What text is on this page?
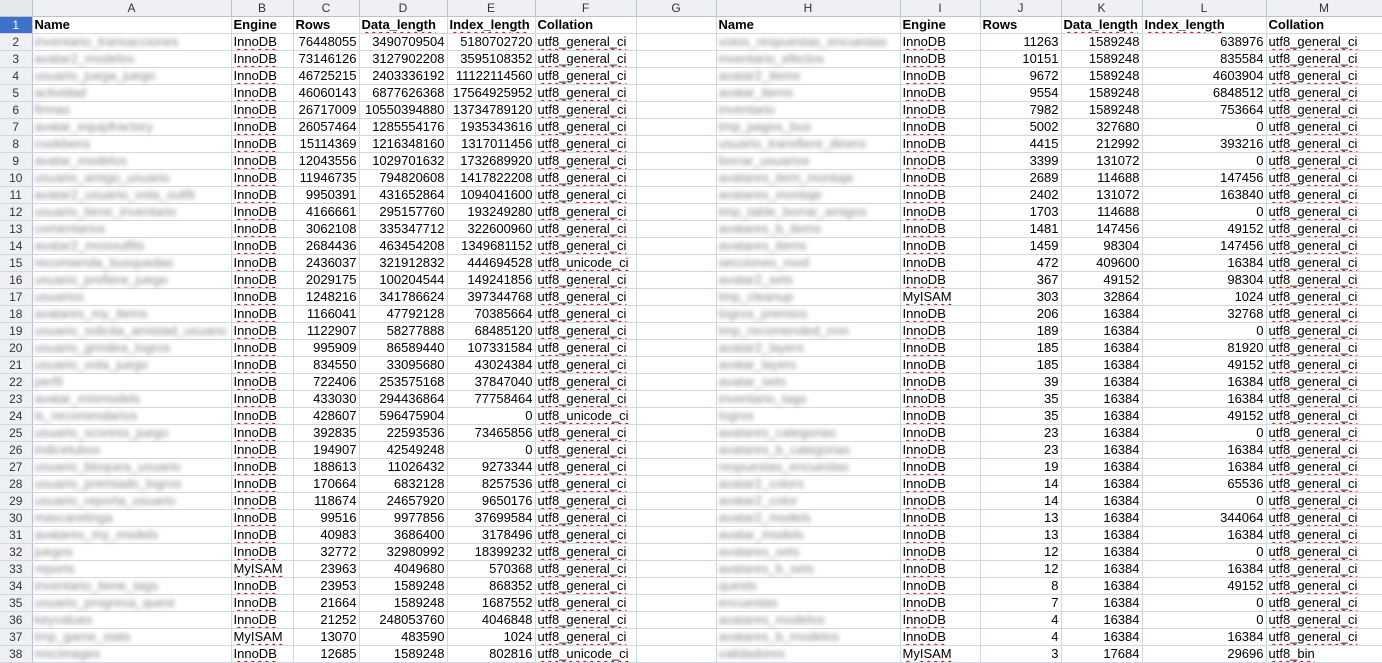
	A	B	C	D	E	F	G	H	I	J	K	L	M
1	Name	Engine	Rows	Data_length	Index_length	Collation		Name	Engine	Rows	Data_length	Index_length	Collation
2	inventario_transacciones	InnoDB	76448055	3490709504	5180702720	utf8_general_ci		votos_respuestas_encuestas	InnoDB	11263	1589248	638976	utf8_general_ci
3	avatar2_modelos	InnoDB	73146126	3127902208	3595108352	utf8_general_ci		inventario_efectos	InnoDB	10151	1589248	835584	utf8_general_ci
4	usuario_juega_juego	InnoDB	46725215	2403336192	11122114560	utf8_general_ci		avatar2_items	InnoDB	9672	1589248	4603904	utf8_general_ci
5	actividad	InnoDB	46060143	6877626368	17564925952	utf8_general_ci		avatar_items	InnoDB	9554	1589248	6848512	utf8_general_ci
6	firmas	InnoDB	26717009	10550394880	13734789120	utf8_general_ci		inventario	InnoDB	7982	1589248	753664	utf8_general_ci
7	avatar_equipfractory	InnoDB	26057464	1285554176	1935343616	utf8_general_ci		tmp_pagos_bus	InnoDB	5002	327680	0	utf8_general_ci
8	cookbens	InnoDB	15114369	1216348160	1317011456	utf8_general_ci		usuario_transfiere_dinero	InnoDB	4415	212992	393216	utf8_general_ci
9	avatar_modelos	InnoDB	12043556	1029701632	1732689920	utf8_general_ci		borrar_usuarios	InnoDB	3399	131072	0	utf8_general_ci
10	usuario_amigo_usuario	InnoDB	11946735	794820608	1417822208	utf8_general_ci		avatares_item_montaje	InnoDB	2689	114688	147456	utf8_general_ci
11	avatar2_usuario_vota_outfit	InnoDB	9950391	431652864	1094041600	utf8_general_ci		avatares_montaje	InnoDB	2402	131072	163840	utf8_general_ci
12	usuario_tiene_inventario	InnoDB	4166661	295157760	193249280	utf8_general_ci		tmp_table_borrar_amigos	InnoDB	1703	114688	0	utf8_general_ci
13	comentarios	InnoDB	3062108	335347712	322600960	utf8_general_ci		avatares_b_items	InnoDB	1481	147456	49152	utf8_general_ci
14	avatar2_mosoutfits	InnoDB	2684436	463454208	1349681152	utf8_general_ci		avatares_items	InnoDB	1459	98304	147456	utf8_general_ci
15	recomienda_busquedas	InnoDB	2436037	321912832	444694528	utf8_unicode_ci		secciones_mod	InnoDB	472	409600	16384	utf8_general_ci
16	usuario_prefiere_juego	InnoDB	2029175	100204544	149241856	utf8_general_ci		avatar2_sets	InnoDB	367	49152	98304	utf8_general_ci
17	usuarios	InnoDB	1248216	341786624	397344768	utf8_general_ci		tmp_cleanup	MyISAM	303	32864	1024	utf8_general_ci
18	avatares_my_items	InnoDB	1166041	47792128	70385664	utf8_general_ci		logros_premios	InnoDB	206	16384	32768	utf8_general_ci
19	usuario_solicita_amistad_usuario	InnoDB	1122907	58277888	68485120	utf8_general_ci		tmp_recomended_nnn	InnoDB	189	16384	0	utf8_general_ci
20	usuario_grindea_logros	InnoDB	995909	86589440	107331584	utf8_general_ci		avatar2_layers	InnoDB	185	16384	81920	utf8_general_ci
21	usuario_vota_juego	InnoDB	834550	33095680	43024384	utf8_general_ci		avatar_layers	InnoDB	185	16384	49152	utf8_general_ci
22	perfil	InnoDB	722406	253575168	37847040	utf8_general_ci		avatar_sets	InnoDB	39	16384	16384	utf8_general_ci
23	avatar_mismodels	InnoDB	433030	294436864	77758464	utf8_general_ci		inventario_tags	InnoDB	35	16384	16384	utf8_general_ci
24	ls_recomendarios	InnoDB	428607	596475904	0	utf8_unicode_ci		logros	InnoDB	35	16384	49152	utf8_general_ci
25	usuario_scoress_juego	InnoDB	392835	22593536	73465856	utf8_general_ci		avatares_categorias	InnoDB	23	16384	0	utf8_general_ci
26	indicetubos	InnoDB	194907	42549248	0	utf8_general_ci		avatares_b_categorias	InnoDB	23	16384	16384	utf8_general_ci
27	usuario_bloquea_usuario	InnoDB	188613	11026432	9273344	utf8_general_ci		respuestas_encuestas	InnoDB	19	16384	16384	utf8_general_ci
28	usuario_premiado_logros	InnoDB	170664	6832128	8257536	utf8_general_ci		avatar2_colors	InnoDB	14	16384	65536	utf8_general_ci
29	usuario_reporta_usuario	InnoDB	118674	24657920	9650176	utf8_general_ci		avatar2_color	InnoDB	14	16384	0	utf8_general_ci
30	mascaretinga	InnoDB	99516	9977856	37699584	utf8_general_ci		avatar2_models	InnoDB	13	16384	344064	utf8_general_ci
31	avatares_my_models	InnoDB	40983	3686400	3178496	utf8_general_ci		avatar_models	InnoDB	13	16384	16384	utf8_general_ci
32	juegos	InnoDB	32772	32980992	18399232	utf8_general_ci		avatares_sets	InnoDB	12	16384	0	utf8_general_ci
33	reports	MyISAM	23963	4049680	570368	utf8_general_ci		avatares_b_sets	InnoDB	12	16384	16384	utf8_general_ci
34	inventario_tiene_tags	InnoDB	23953	1589248	868352	utf8_general_ci		quests	InnoDB	8	16384	49152	utf8_general_ci
35	usuario_progresa_quest	InnoDB	21664	1589248	1687552	utf8_general_ci		encuestas	InnoDB	7	16384	0	utf8_general_ci
36	keyvalues	InnoDB	21252	248053760	4046848	utf8_general_ci		avatares_modelos	InnoDB	4	16384	0	utf8_general_ci
37	tmp_game_stats	MyISAM	13070	483590	1024	utf8_general_ci		avatares_b_modelos	InnoDB	4	16384	16384	utf8_general_ci
38	mscimages	InnoDB	12685	1589248	802816	utf8_unicode_ci		validadores	MyISAM	3	17684	29696	utf8_bin
